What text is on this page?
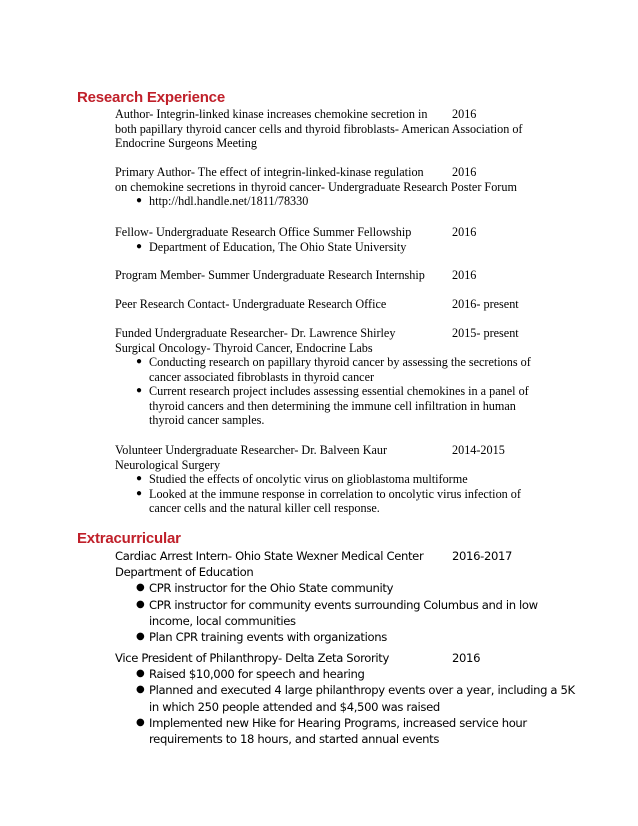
Research Experience
Author- Integrin-linked kinase increases chemokine secretion in 2016
both papillary thyroid cancer cells and thyroid fibroblasts- American Association of
Endocrine Surgeons Meeting
Primary Author- The effect of integrin-linked-kinase regulation 2016
on chemokine secretions in thyroid cancer- Undergraduate Research Poster Forum
● http://hdl.handle.net/1811/78330
Fellow- Undergraduate Research Office Summer Fellowship	2016
● Department of Education, The Ohio State University
Program Member- Summer Undergraduate Research Internship 2016
Peer Research Contact- Undergraduate Research Office	2016- present
Funded Undergraduate Researcher- Dr. Lawrence Shirley	2015- present
Surgical Oncology- Thyroid Cancer, Endocrine Labs
● Conducting research on papillary thyroid cancer by assessing the secretions of
cancer associated fibroblasts in thyroid cancer
● Current research project includes assessing essential chemokines in a panel of
thyroid cancers and then determining the immune cell infiltration in human
thyroid cancer samples.
Volunteer Undergraduate Researcher- Dr. Balveen Kaur	2014-2015
Neurological Surgery
● Studied the effects of oncolytic virus on glioblastoma multiforme
● Looked at the immune response in correlation to oncolytic virus infection of
cancer cells and the natural killer cell response.
Extracurricular
Cardiac Arrest Intern- Ohio State Wexner Medical Center 2016-2017
Department of Education
● CPR instructor for the Ohio State community
● CPR instructor for community events surrounding Columbus and in low
income, local communities
● Plan CPR training events with organizations
Vice President of Philanthropy- Delta Zeta Sorority	2016
● Raised $10,000 for speech and hearing
● Planned and executed 4 large philanthropy events over a year, including a 5K
in which 250 people attended and $4,500 was raised
● Implemented new Hike for Hearing Programs, increased service hour
requirements to 18 hours, and started annual events
